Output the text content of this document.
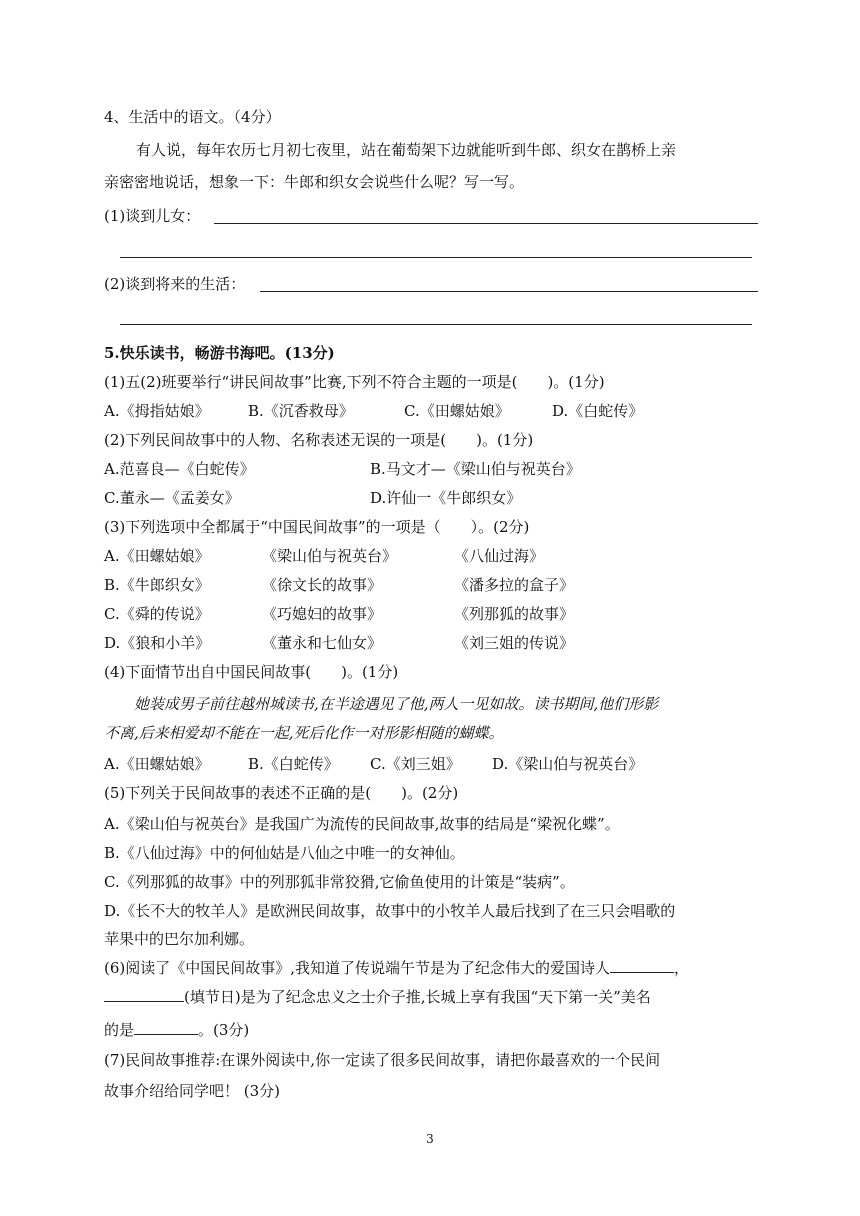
4、生活中的语文。（4分）
有人说，每年农历七月初七夜里，站在葡萄架下边就能听到牛郎、织女在鹊桥上亲
亲密密地说话，想象一下：牛郎和织女会说些什么呢？写一写。
(1)谈到儿女：
(2)谈到将来的生活：
5.快乐读书，畅游书海吧。(13分)
(1)五(2)班要举行“讲民间故事”比赛,下列不符合主题的一项是(　　)。(1分)
A.《拇指姑娘》	B.《沉香救母》	C.《田螺姑娘》	D.《白蛇传》
(2)下列民间故事中的人物、名称表述无误的一项是(　　)。(1分)
A.范喜良—《白蛇传》	B.马文才—《梁山伯与祝英台》
C.董永—《孟姜女》	D.许仙一《牛郎织女》
(3)下列选项中全都属于“中国民间故事”的一项是（　　）。(2分)
A.《田螺姑娘》	《梁山伯与祝英台》	《八仙过海》
B.《牛郎织女》	《徐文长的故事》	《潘多拉的盒子》
C.《舜的传说》	《巧媳妇的故事》	《列那狐的故事》
D.《狼和小羊》	《董永和七仙女》	《刘三姐的传说》
(4)下面情节出自中国民间故事(　　)。(1分)
她装成男子前往越州城读书,在半途遇见了他,两人一见如故。读书期间,他们形影
不离,后来相爱却不能在一起,死后化作一对形影相随的蝴蝶。
A.《田螺姑娘》	B.《白蛇传》 C.《刘三姐》 D.《梁山伯与祝英台》
(5)下列关于民间故事的表述不正确的是(　　)。(2分)
A.《梁山伯与祝英台》是我国广为流传的民间故事,故事的结局是“梁祝化蝶”。
B.《八仙过海》中的何仙姑是八仙之中唯一的女神仙。
C.《列那狐的故事》中的列那狐非常狡猾,它偷鱼使用的计策是“装病”。
D.《长不大的牧羊人》是欧洲民间故事，故事中的小牧羊人最后找到了在三只会唱歌的
苹果中的巴尔加利娜。
(6)阅读了《中国民间故事》,我知道了传说端午节是为了纪念伟大的爱国诗人	，
(填节日)是为了纪念忠义之士介子推,长城上享有我国“天下第一关”美名
的是	。(3分)
(7)民间故事推荐:在课外阅读中,你一定读了很多民间故事，请把你最喜欢的一个民间
故事介绍给同学吧！ (3分)
3
